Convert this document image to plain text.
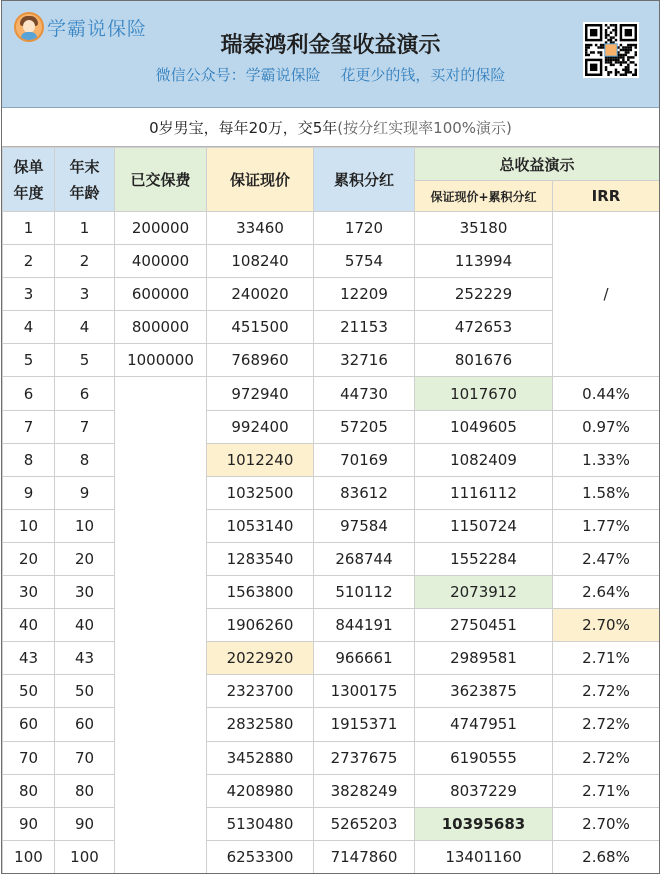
学霸说保险
瑞泰鸿利金玺收益演示
微信公众号：学霸说保险　 花更少的钱，买对的保险
0岁男宝，每年20万，交5年 (按分红实现率100%演示)
保单年度	年末年龄	已交保费	保证现价	累积分红	总收益演示	
					保证现价+累积分红	IRR
1	1	200000	33460	1720	35180	/
2	2	400000	108240	5754	113994	
3	3	600000	240020	12209	252229	
4	4	800000	451500	21153	472653	
5	5	1000000	768960	32716	801676	
6	6		972940	44730	1017670	0.44%
7	7		992400	57205	1049605	0.97%
8	8		1012240	70169	1082409	1.33%
9	9		1032500	83612	1116112	1.58%
10	10		1053140	97584	1150724	1.77%
20	20		1283540	268744	1552284	2.47%
30	30		1563800	510112	2073912	2.64%
40	40		1906260	844191	2750451	2.70%
43	43		2022920	966661	2989581	2.71%
50	50		2323700	1300175	3623875	2.72%
60	60		2832580	1915371	4747951	2.72%
70	70		3452880	2737675	6190555	2.72%
80	80		4208980	3828249	8037229	2.71%
90	90		5130480	5265203	10395683	2.70%
100	100		6253300	7147860	13401160	2.68%
